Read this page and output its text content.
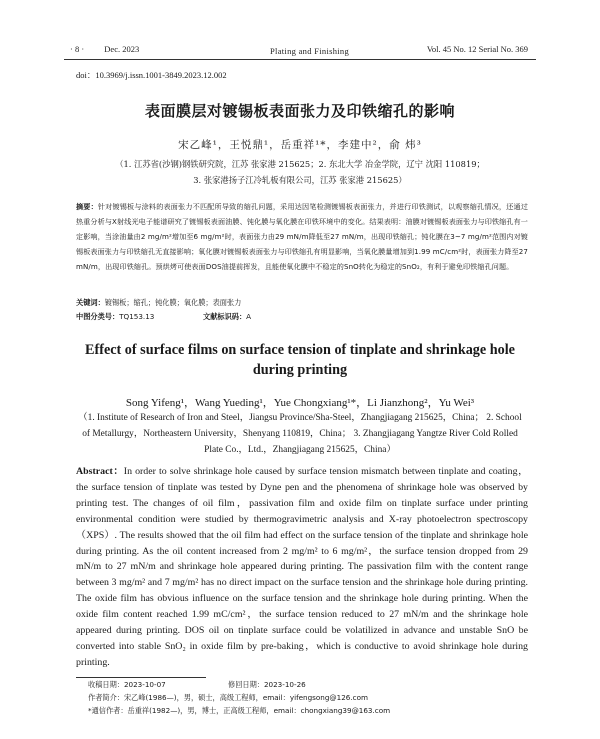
· 8 · Dec. 2023	Plating and Finishing	Vol. 45 No. 12 Serial No. 369
doi：10.3969/j.issn.1001-3849.2023.12.002
表面膜层对镀锡板表面张力及印铁缩孔的影响
宋乙峰¹，王悦鼎¹，岳重祥¹*，李建中²，俞 炜³
（1. 江苏省(沙钢)钢铁研究院，江苏 张家港 215625；2. 东北大学 冶金学院，辽宁 沈阳 110819；
3. 张家港扬子江冷轧板有限公司，江苏 张家港 215625）
摘要：针对镀锡板与涂料的表面张力不匹配所导致的缩孔问题，采用达因笔检测镀锡板表面张力，并进行印铁测试，以观察缩孔情况，还通过热重分析与X射线光电子能谱研究了镀锡板表面油膜、钝化膜与氧化膜在印铁环境中的变化。结果表明：油膜对镀锡板表面张力与印铁缩孔有一定影响，当涂油量由2 mg/m²增加至6 mg/m²时，表面张力由29 mN/m降低至27 mN/m，出现印铁缩孔；钝化膜在3~7 mg/m²范围内对镀锡板表面张力与印铁缩孔无直接影响；氧化膜对镀锡板表面张力与印铁缩孔有明显影响，当氧化膜量增加到1.99 mC/cm²时，表面张力降至27 mN/m，出现印铁缩孔。预烘烤可使表面DOS油提前挥发，且能使氧化膜中不稳定的SnO转化为稳定的SnO₂，有利于避免印铁缩孔问题。
关键词：镀锡板；缩孔；钝化膜；氧化膜；表面张力
中图分类号：TQ153.13	文献标识码：A
Effect of surface films on surface tension of tinplate and shrinkage hole during printing
Song Yifeng¹，Wang Yueding¹，Yue Chongxiang¹*，Li Jianzhong²，Yu Wei³
（1. Institute of Research of Iron and Steel，Jiangsu Province/Sha-Steel，Zhangjiagang 215625，China； 2. School of Metallurgy，Northeastern University，Shenyang 110819，China； 3. Zhangjiagang Yangtze River Cold Rolled Plate Co.，Ltd.，Zhangjiagang 215625，China）
Abstract：In order to solve shrinkage hole caused by surface tension mismatch between tinplate and coating，the surface tension of tinplate was tested by Dyne pen and the phenomena of shrinkage hole was observed by printing test. The changes of oil film，passivation film and oxide film on tinplate surface under printing environmental condition were studied by thermogravimetric analysis and X-ray photoelectron spectroscopy（XPS）. The results showed that the oil film had effect on the surface tension of the tinplate and shrinkage hole during printing. As the oil content increased from 2 mg/m² to 6 mg/m²，the surface tension dropped from 29 mN/m to 27 mN/m and shrinkage hole appeared during printing. The passivation film with the content range between 3 mg/m² and 7 mg/m² has no direct impact on the surface tension and the shrinkage hole during printing. The oxide film has obvious influence on the surface tension and the shrinkage hole during printing. When the oxide film content reached 1.99 mC/cm²，the surface tension reduced to 27 mN/m and the shrinkage hole appeared during printing. DOS oil on tinplate surface could be volatilized in advance and unstable SnO be converted into stable SnO₂ in oxide film by pre-baking，which is conductive to avoid shrinkage hole during printing.
收稿日期：2023-10-07	修回日期：2023-10-26
作者简介：宋乙峰(1986—)，男，硕士，高级工程师，email：yifengsong@126.com
*通信作者：岳重祥(1982—)，男，博士，正高级工程师，email：chongxiang39@163.com
